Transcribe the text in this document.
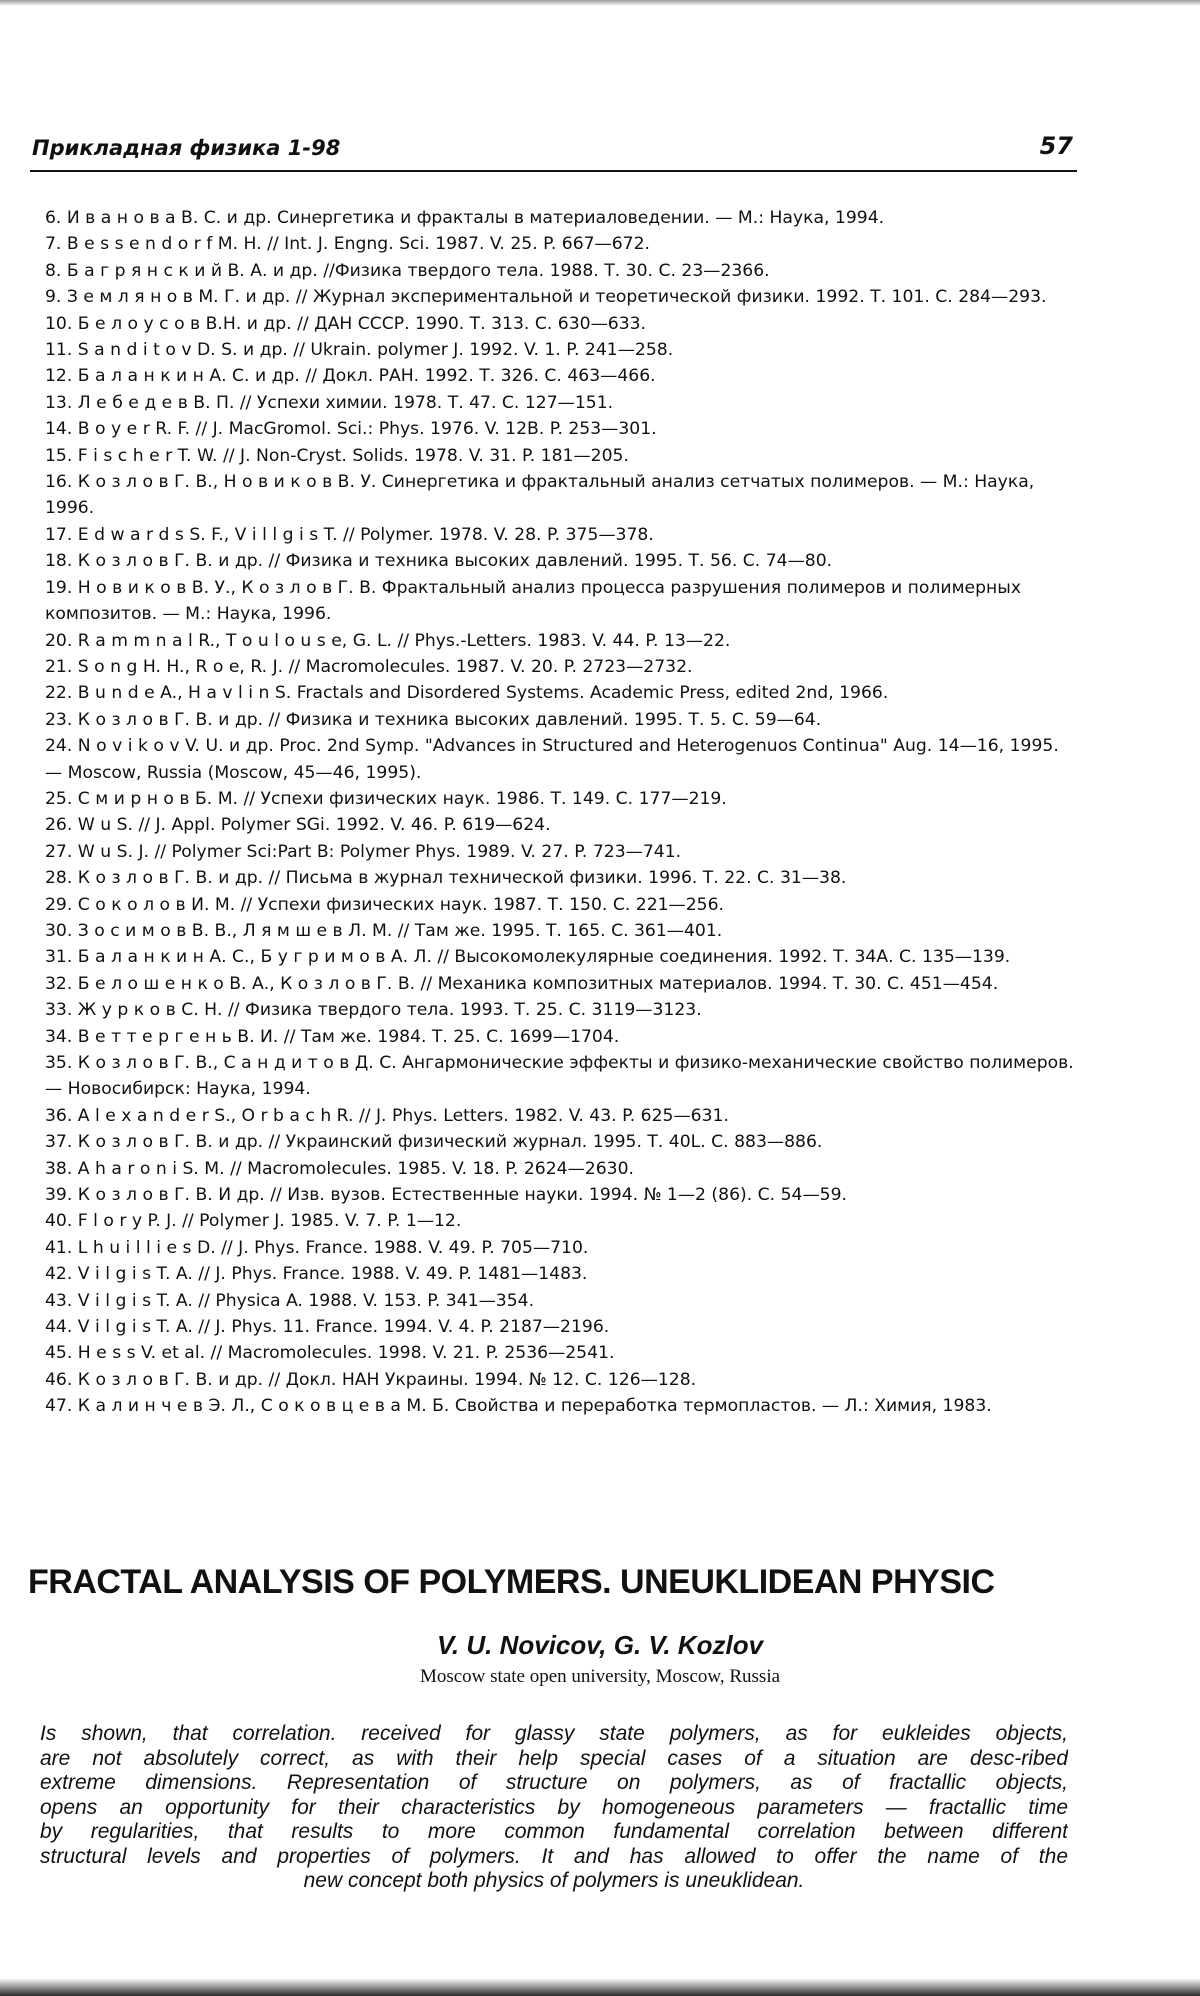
Прикладная физика 1-98	57

6. И в а н о в а В. С. и др. Синергетика и фракталы в материаловедении. — М.: Наука, 1994.

7. B e s s e n d o r f M. H. // Int. J. Engng. Sci. 1987. V. 25. P. 667—672.

8. Б а г р я н с к и й В. А. и др. //Физика твердого тела. 1988. Т. 30. С. 23—2366.

9. З е м л я н о в М. Г. и др. // Журнал экспериментальной и теоретической физики. 1992. Т. 101. С. 284—293.

10. Б е л о у с о в В.Н. и др. // ДАН СССР. 1990. Т. 313. С. 630—633.

11. S a n d i t o v D. S. и др. // Ukrain. polymer J. 1992. V. 1. P. 241—258.

12. Б а л а н к и н А. С. и др. // Докл. РАН. 1992. Т. 326. С. 463—466.

13. Л е б е д е в В. П. // Успехи химии. 1978. Т. 47. С. 127—151.

14. B o y e r R. F. // J. MacGromol. Sci.: Phys. 1976. V. 12B. P. 253—301.

15. F i s c h e r T. W. // J. Non-Cryst. Solids. 1978. V. 31. P. 181—205.

16. К о з л о в Г. В., Н о в и к о в В. У. Синергетика и фрактальный анализ сетчатых полимеров. — М.: Наука, 1996.

17. E d w a r d s S. F., V i l l g i s T. // Polymer. 1978. V. 28. P. 375—378.

18. К о з л о в Г. В. и др. // Физика и техника высоких давлений. 1995. Т. 56. С. 74—80.

19. Н о в и к о в В. У., К о з л о в Г. В. Фрактальный анализ процесса разрушения полимеров и полимерных композитов. — М.: Наука, 1996.

20. R a m m n a l R., T o u l o u s e, G. L. // Phys.-Letters. 1983. V. 44. P. 13—22.

21. S o n g H. H., R o e, R. J. // Macromolecules. 1987. V. 20. P. 2723—2732.

22. B u n d e A., H a v l i n S. Fractals and Disordered Systems. Academic Press, edited 2nd, 1966.

23. К о з л о в Г. В. и др. // Физика и техника высоких давлений. 1995. Т. 5. С. 59—64.

24. N o v i k o v V. U. и др. Proc. 2nd Symp. "Advances in Structured and Heterogenuos Continua" Aug. 14—16, 1995. — Moscow, Russia (Moscow, 45—46, 1995).

25. С м и р н о в Б. М. // Успехи физических наук. 1986. Т. 149. С. 177—219.

26. W u S. // J. Appl. Polymer SGi. 1992. V. 46. P. 619—624.

27. W u S. J. // Polymer Sci:Part B: Polymer Phys. 1989. V. 27. P. 723—741.

28. К о з л о в Г. В. и др. // Письма в журнал технической физики. 1996. Т. 22. С. 31—38.

29. С о к о л о в И. М. // Успехи физических наук. 1987. Т. 150. С. 221—256.

30. З о с и м о в В. В., Л я м ш е в Л. М. // Там же. 1995. Т. 165. С. 361—401.

31. Б а л а н к и н А. С., Б у г р и м о в А. Л. // Высокомолекулярные соединения. 1992. Т. 34А. С. 135—139.

32. Б е л о ш е н к о В. А., К о з л о в Г. В. // Механика композитных материалов. 1994. Т. 30. С. 451—454.

33. Ж у р к о в С. Н. // Физика твердого тела. 1993. Т. 25. С. 3119—3123.

34. В е т т е р г е н ь В. И. // Там же. 1984. Т. 25. С. 1699—1704.

35. К о з л о в Г. В., С а н д и т о в Д. С. Ангармонические эффекты и физико-механические свойство полимеров. — Новосибирск: Наука, 1994.

36. A l e x a n d e r S., O r b a c h R. // J. Phys. Letters. 1982. V. 43. P. 625—631.

37. К о з л о в Г. В. и др. // Украинский физический журнал. 1995. Т. 40L. С. 883—886.

38. A h a r o n i S. M. // Macromolecules. 1985. V. 18. P. 2624—2630.

39. К о з л о в Г. В. И др. // Изв. вузов. Естественные науки. 1994. № 1—2 (86). С. 54—59.

40. F l o r y P. J. // Polymer J. 1985. V. 7. P. 1—12.

41. L h u i l l i e s D. // J. Phys. France. 1988. V. 49. P. 705—710.

42. V i l g i s T. A. // J. Phys. France. 1988. V. 49. P. 1481—1483.

43. V i l g i s T. A. // Physica A. 1988. V. 153. P. 341—354.

44. V i l g i s T. A. // J. Phys. 11. France. 1994. V. 4. P. 2187—2196.

45. H e s s V. et al. // Macromolecules. 1998. V. 21. P. 2536—2541.

46. К о з л о в Г. В. и др. // Докл. НАН Украины. 1994. № 12. С. 126—128.

47. К а л и н ч е в Э. Л., С о к о в ц е в а М. Б. Свойства и переработка термопластов. — Л.: Химия, 1983.

FRACTAL ANALYSIS OF POLYMERS. UNEUKLIDEAN PHYSIC
V. U. Novicov, G. V. Kozlov
Moscow state open university, Moscow, Russia
Is shown, that correlation. received for glassy state polymers, as for eukleides objects,
are not absolutely correct, as with their help special cases of a situation are desc-ribed
extreme dimensions. Representation of structure on polymers, as of fractallic objects,
opens an opportunity for their characteristics by homogeneous parameters — fractallic time
by regularities, that results to more common fundamental correlation between different
structural levels and properties of polymers. It and has allowed to offer the name of the
new concept both physics of polymers is uneuklidean.
